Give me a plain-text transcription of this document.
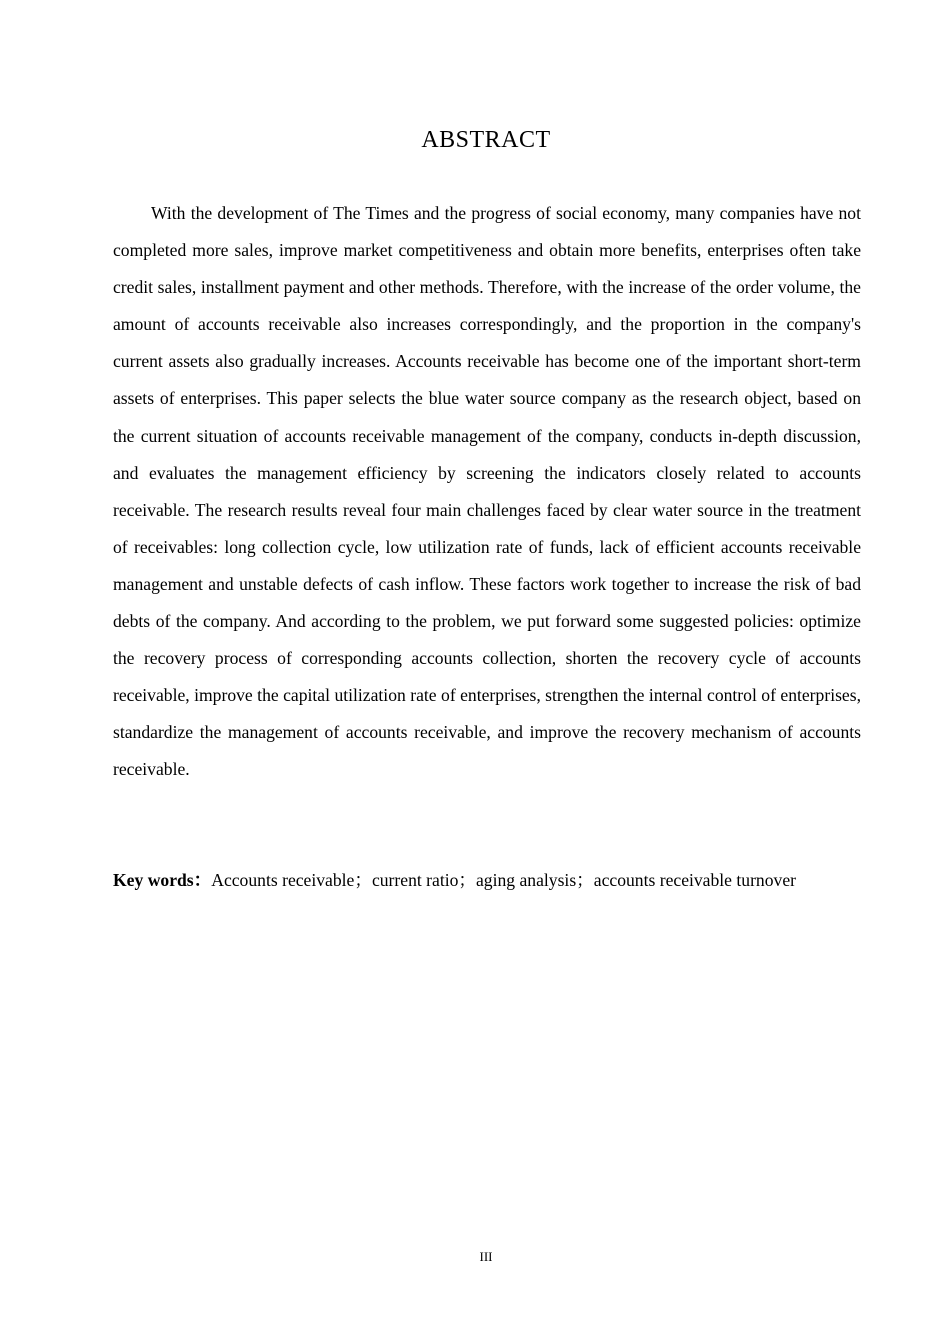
ABSTRACT

With the development of The Times and the progress of social economy, many companies have not completed more sales, improve market competitiveness and obtain more benefits, enterprises often take credit sales, installment payment and other methods. Therefore, with the increase of the order volume, the amount of accounts receivable also increases correspondingly, and the proportion in the company's current assets also gradually increases. Accounts receivable has become one of the important short-term assets of enterprises. This paper selects the blue water source company as the research object, based on the current situation of accounts receivable management of the company, conducts in-depth discussion, and evaluates the management efficiency by screening the indicators closely related to accounts receivable. The research results reveal four main challenges faced by clear water source in the treatment of receivables: long collection cycle, low utilization rate of funds, lack of efficient accounts receivable management and unstable defects of cash inflow. These factors work together to increase the risk of bad debts of the company. And according to the problem, we put forward some suggested policies: optimize the recovery process of corresponding accounts collection, shorten the recovery cycle of accounts receivable, improve the capital utilization rate of enterprises, strengthen the internal control of enterprises, standardize the management of accounts receivable, and improve the recovery mechanism of accounts receivable.

Key words：Accounts receivable；current ratio；aging analysis；accounts receivable turnover
III
